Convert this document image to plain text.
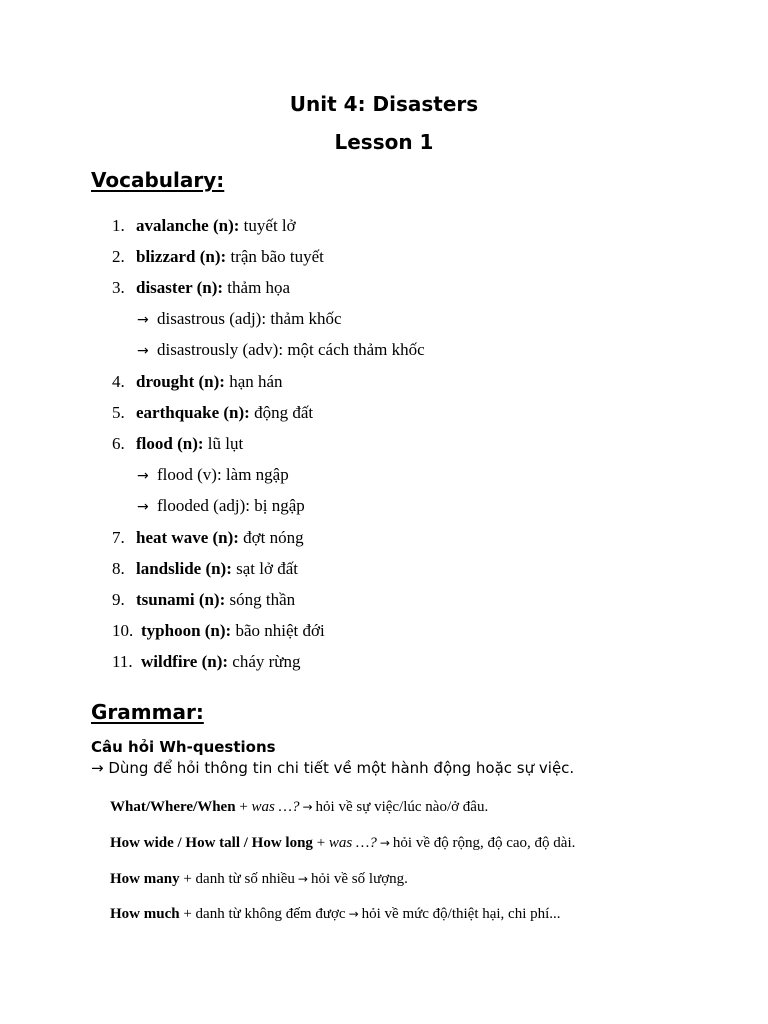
Unit 4: Disasters
Lesson 1
Vocabulary:
1. avalanche (n): tuyết lở
2. blizzard (n): trận bão tuyết
3. disaster (n): thảm họa
→ disastrous (adj): thảm khốc
→ disastrously (adv): một cách thảm khốc
4. drought (n): hạn hán
5. earthquake (n): động đất
6. flood (n): lũ lụt
→ flood (v): làm ngập
→ flooded (adj): bị ngập
7. heat wave (n): đợt nóng
8. landslide (n): sạt lở đất
9. tsunami (n): sóng thần
10. typhoon (n): bão nhiệt đới
11. wildfire (n): cháy rừng
Grammar:
Câu hỏi Wh-questions
→ Dùng để hỏi thông tin chi tiết về một hành động hoặc sự việc.
What/Where/When + was …? → hỏi về sự việc/lúc nào/ở đâu.
How wide / How tall / How long + was …? → hỏi về độ rộng, độ cao, độ dài.
How many + danh từ số nhiều → hỏi về số lượng.
How much + danh từ không đếm được → hỏi về mức độ/thiệt hại, chi phí...
